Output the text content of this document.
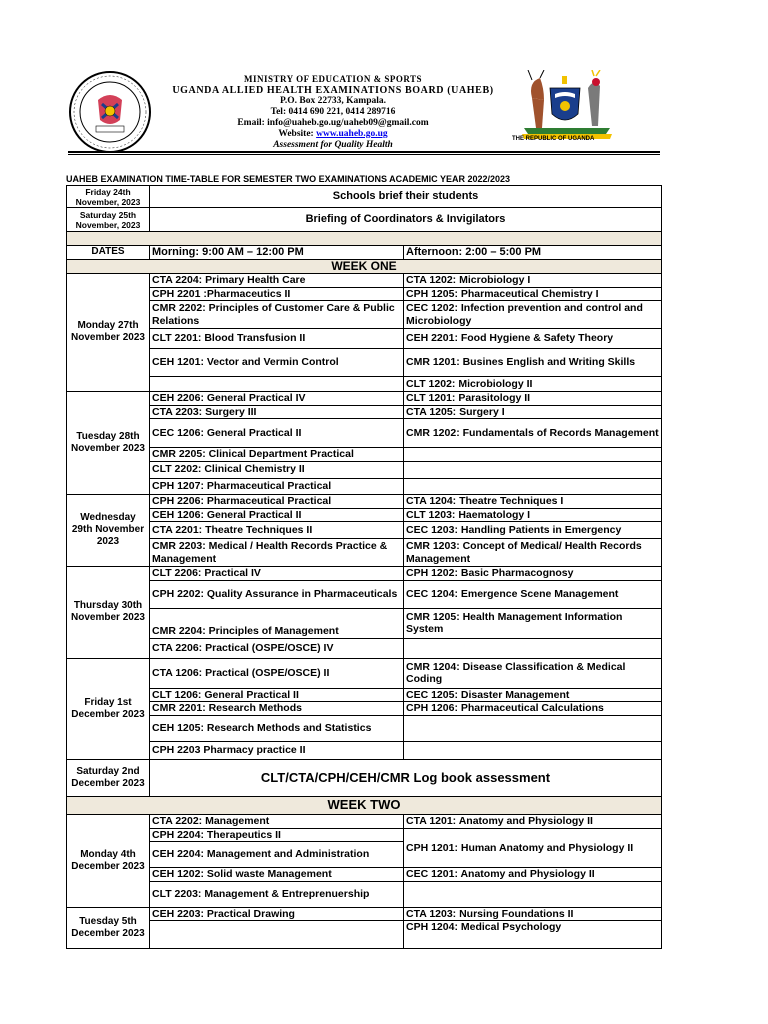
MINISTRY OF EDUCATION & SPORTS
UGANDA ALLIED HEALTH EXAMINATIONS BOARD (UAHEB)
P.O. Box 22733, Kampala.
Tel: 0414 690 221, 0414 289716
Email: info@uaheb.go.ug/uaheb09@gmail.com
Website: www.uaheb.go.ug
Assessment for Quality Health
THE REPUBLIC OF UGANDA
UAHEB EXAMINATION TIME-TABLE FOR SEMESTER TWO EXAMINATIONS ACADEMIC YEAR 2022/2023
Friday 24th November, 2023	Schools brief their students	
Saturday 25th November, 2023	Briefing of Coordinators & Invigilators	

DATES	Morning: 9:00 AM – 12:00 PM	Afternoon: 2:00 – 5:00 PM
WEEK ONE		
Monday 27th November 2023	CTA 2204: Primary Health Care	CTA 1202: Microbiology I
	CPH 2201 :Pharmaceutics II	CPH 1205: Pharmaceutical Chemistry I
	CMR 2202: Principles of Customer Care & Public Relations	CEC 1202: Infection prevention and control and Microbiology
	CLT 2201: Blood Transfusion II	CEH 2201: Food Hygiene & Safety Theory
	CEH 1201: Vector and Vermin Control	CMR 1201: Busines English and Writing Skills
		CLT 1202: Microbiology II
Tuesday 28th November 2023	CEH 2206: General Practical IV	CLT 1201: Parasitology II
	CTA 2203: Surgery III	CTA 1205: Surgery I
	CEC 1206: General Practical II	CMR 1202: Fundamentals of Records Management
	CMR 2205: Clinical Department Practical	
	CLT 2202: Clinical Chemistry II	
	CPH 1207: Pharmaceutical Practical	
Wednesday 29th November 2023	CPH 2206: Pharmaceutical Practical	CTA 1204: Theatre Techniques I
	CEH 1206: General Practical II	CLT 1203: Haematology I
	CTA 2201: Theatre Techniques II	CEC 1203: Handling Patients in Emergency
	CMR 2203: Medical / Health Records Practice & Management	CMR 1203: Concept of Medical/ Health Records Management
Thursday 30th November 2023	CLT 2206: Practical IV	CPH 1202: Basic Pharmacognosy
	CPH 2202: Quality Assurance in Pharmaceuticals	CEC 1204: Emergence Scene Management
	CMR 2204: Principles of Management	CMR 1205: Health Management Information System
	CTA 2206: Practical (OSPE/OSCE) IV	
Friday 1st December 2023	CTA 1206: Practical (OSPE/OSCE) II	CMR 1204: Disease Classification & Medical Coding
	CLT 1206: General Practical II	CEC 1205: Disaster Management
	CMR 2201: Research Methods	CPH 1206: Pharmaceutical Calculations
	CEH 1205: Research Methods and Statistics	
	CPH 2203 Pharmacy practice II	
Saturday 2nd December 2023	CLT/CTA/CPH/CEH/CMR Log book assessment	
WEEK TWO		
Monday 4th December 2023	CTA 2202: Management	CTA 1201: Anatomy and Physiology II
	CPH 2204: Therapeutics II	CPH 1201: Human Anatomy and Physiology II
	CEH 2204: Management and Administration	
	CEH 1202: Solid waste Management	CEC 1201: Anatomy and Physiology II
	CLT 2203: Management & Entreprenuership	
Tuesday 5th December 2023	CEH 2203: Practical Drawing	CTA 1203: Nursing Foundations II
		CPH 1204: Medical Psychology
